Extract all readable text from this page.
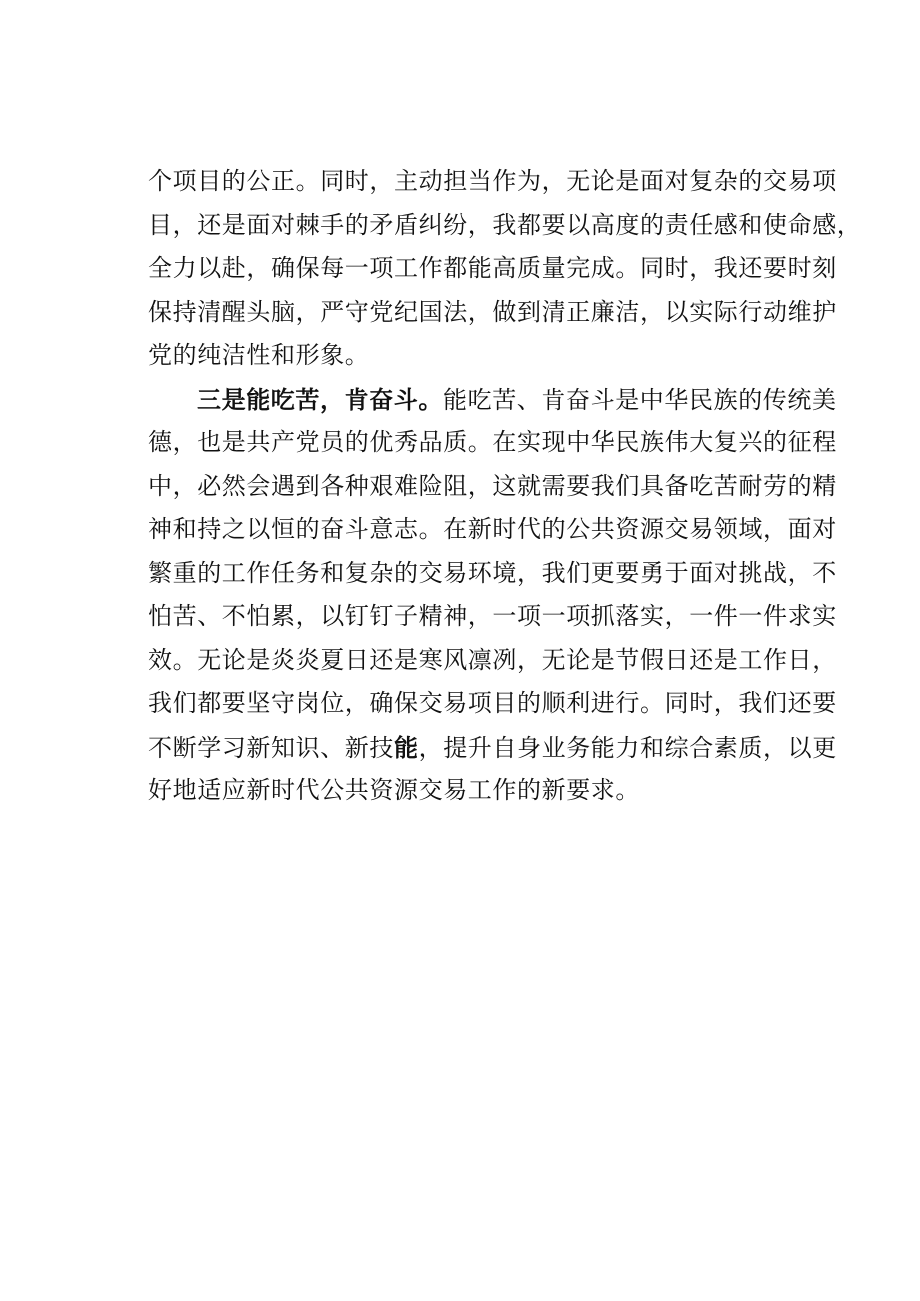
个项目的公正。同时，主动担当作为，无论是面对复杂的交易项
目，还是面对棘手的矛盾纠纷，我都要以高度的责任感和使命感，
全力以赴，确保每一项工作都能高质量完成。同时，我还要时刻
保持清醒头脑，严守党纪国法，做到清正廉洁，以实际行动维护
党的纯洁性和形象。
三是能吃苦，肯奋斗。能吃苦、肯奋斗是中华民族的传统美
德，也是共产党员的优秀品质。在实现中华民族伟大复兴的征程
中，必然会遇到各种艰难险阻，这就需要我们具备吃苦耐劳的精
神和持之以恒的奋斗意志。在新时代的公共资源交易领域，面对
繁重的工作任务和复杂的交易环境，我们更要勇于面对挑战，不
怕苦、不怕累，以钉钉子精神，一项一项抓落实，一件一件求实
效。无论是炎炎夏日还是寒风凛冽，无论是节假日还是工作日，
我们都要坚守岗位，确保交易项目的顺利进行。同时，我们还要
不断学习新知识、新技能，提升自身业务能力和综合素质，以更
好地适应新时代公共资源交易工作的新要求。
